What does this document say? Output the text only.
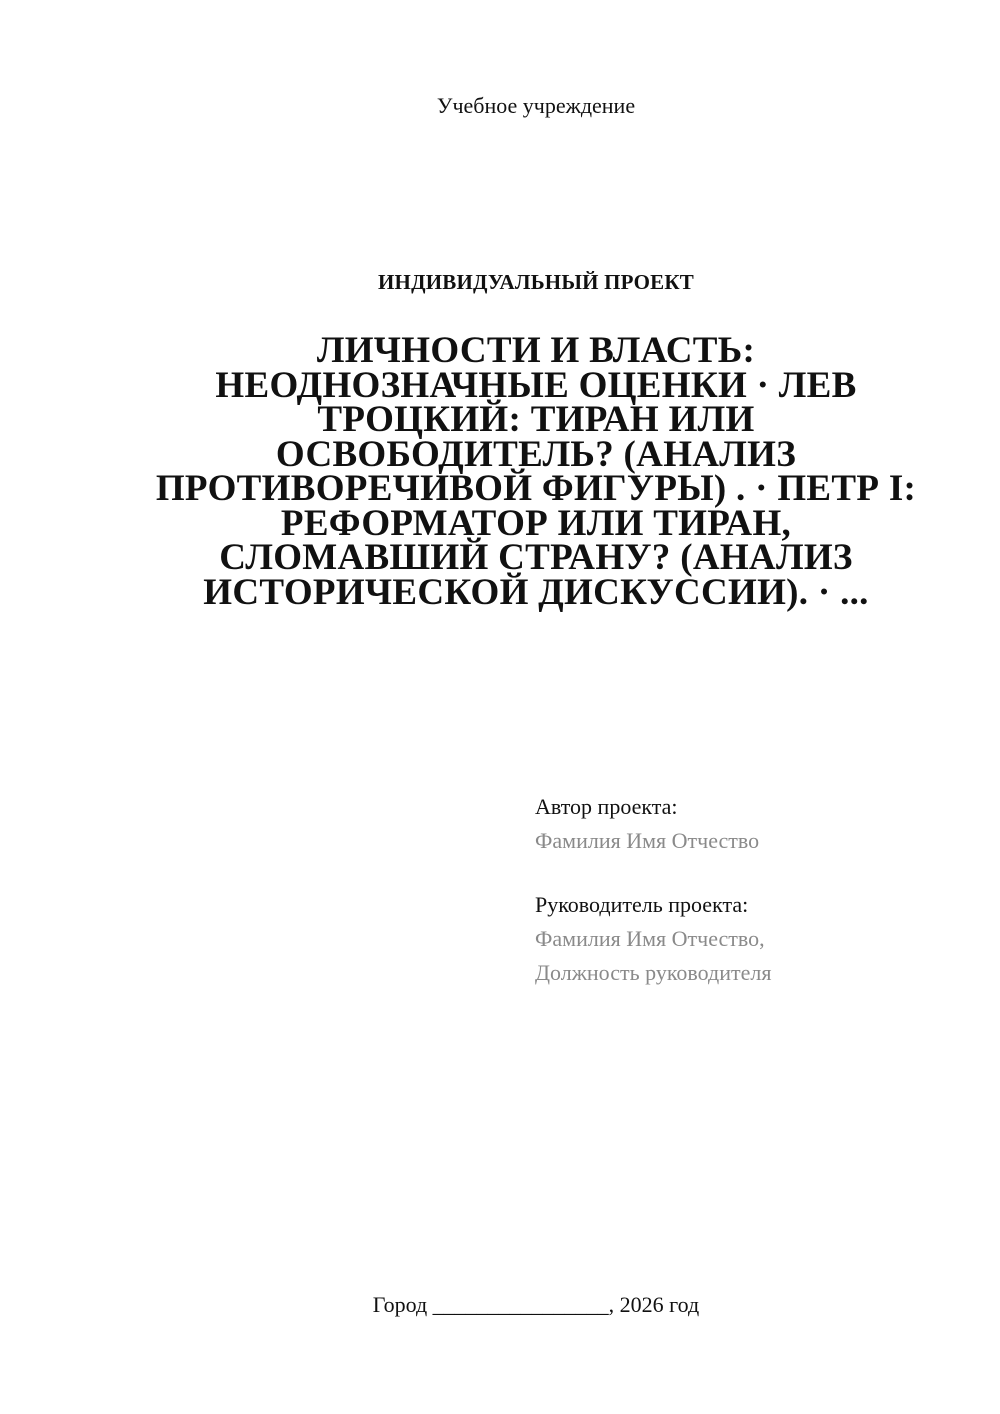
Учебное учреждение
ИНДИВИДУАЛЬНЫЙ ПРОЕКТ
ЛИЧНОСТИ И ВЛАСТЬ: НЕОДНОЗНАЧНЫЕ ОЦЕНКИ · ЛЕВ ТРОЦКИЙ: ТИРАН ИЛИ ОСВОБОДИТЕЛЬ? (АНАЛИЗ ПРОТИВОРЕЧИВОЙ ФИГУРЫ) . · ПЕТР I: РЕФОРМАТОР ИЛИ ТИРАН, СЛОМАВШИЙ СТРАНУ? (АНАЛИЗ ИСТОРИЧЕСКОЙ ДИСКУССИИ). · ...
Автор проекта:
Фамилия Имя Отчество
Руководитель проекта:
Фамилия Имя Отчество,
Должность руководителя
Город ________________, 2026 год
